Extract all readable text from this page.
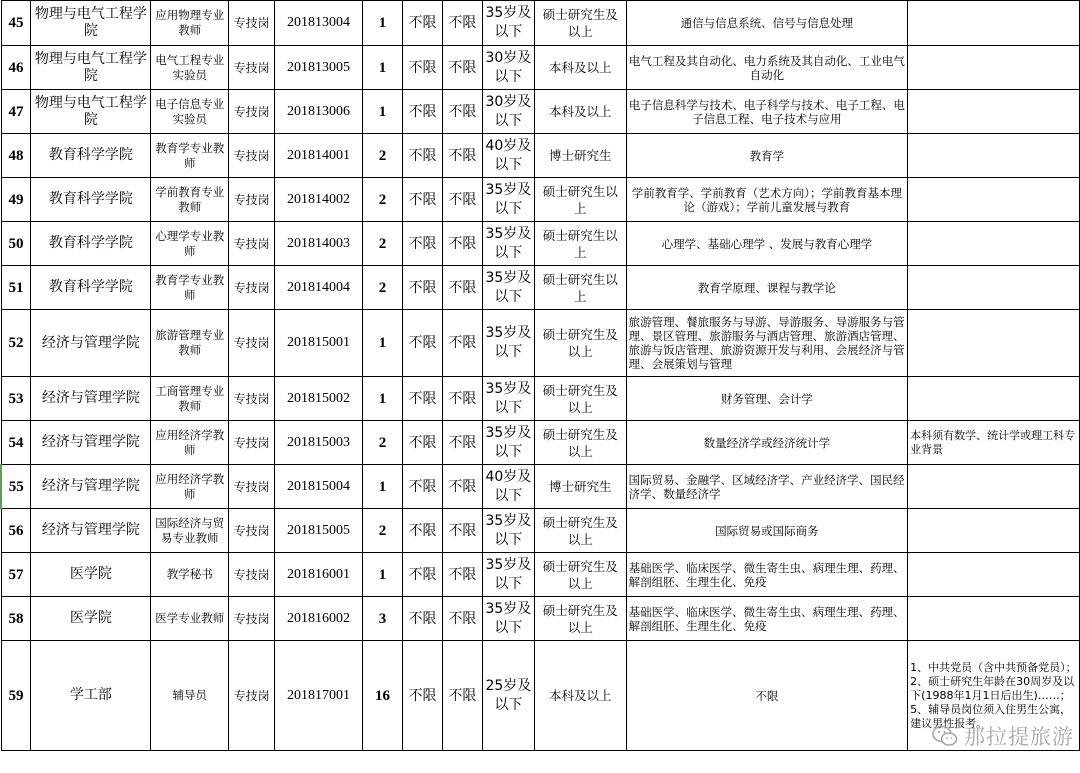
45	物理与电气工程学院	应用物理专业教师	专技岗	201813004	1	不限	不限	35岁及以下	硕士研究生及以上	通信与信息系统、信号与信息处理	
46	物理与电气工程学院	电气工程专业实验员	专技岗	201813005	1	不限	不限	30岁及以下	本科及以上	电气工程及其自动化、电力系统及其自动化、工业电气自动化	
47	物理与电气工程学院	电子信息专业实验员	专技岗	201813006	1	不限	不限	30岁及以下	本科及以上	电子信息科学与技术、电子科学与技术、电子工程、电子信息工程、电子技术与应用	
48	教育科学学院	教育学专业教师	专技岗	201814001	2	不限	不限	40岁及以下	博士研究生	教育学	
49	教育科学学院	学前教育专业教师	专技岗	201814002	2	不限	不限	35岁及以下	硕士研究生以上	学前教育学、学前教育（艺术方向）；学前教育基本理论（游戏）；学前儿童发展与教育	
50	教育科学学院	心理学专业教师	专技岗	201814003	2	不限	不限	35岁及以下	硕士研究生以上	心理学、基础心理学 、发展与教育心理学	
51	教育科学学院	教育学专业教师	专技岗	201814004	2	不限	不限	35岁及以下	硕士研究生以上	教育学原理、课程与教学论	
52	经济与管理学院	旅游管理专业教师	专技岗	201815001	1	不限	不限	35岁及以下	硕士研究生及以上	旅游管理、餐旅服务与导游、导游服务、导游服务与管理、景区管理、旅游服务与酒店管理、旅游酒店管理、旅游与饭店管理、旅游资源开发与利用、会展经济与管理、会展策划与管理	
53	经济与管理学院	工商管理专业教师	专技岗	201815002	1	不限	不限	35岁及以下	硕士研究生及以上	财务管理、会计学	
54	经济与管理学院	应用经济学教师	专技岗	201815003	2	不限	不限	35岁及以下	硕士研究生及以上	数量经济学或经济统计学	本科须有数学、统计学或理工科专业背景
55	经济与管理学院	应用经济学教师	专技岗	201815004	1	不限	不限	40岁及以下	博士研究生	国际贸易、金融学、区域经济学、产业经济学、国民经济学、数量经济学	
56	经济与管理学院	国际经济与贸易专业教师	专技岗	201815005	2	不限	不限	35岁及以下	硕士研究生及以上	国际贸易或国际商务	
57	医学院	教学秘书	专技岗	201816001	1	不限	不限	35岁及以下	硕士研究生及以上	基础医学、临床医学、微生寄生虫、病理生理、药理、解剖组胚、生理生化、免疫	
58	医学院	医学专业教师	专技岗	201816002	3	不限	不限	35岁及以下	硕士研究生及以上	基础医学、临床医学、微生寄生虫、病理生理、药理、解剖组胚、生理生化、免疫	
59	学工部	辅导员	专技岗	201817001	16	不限	不限	25岁及以下	本科及以上	不限	1、中共党员（含中共预备党员）；2、硕士研究生年龄在30周岁及以下(1988年1月1日后出生)……；5、辅导员岗位须入住男生公寓，建议男性报考。
那拉提旅游
